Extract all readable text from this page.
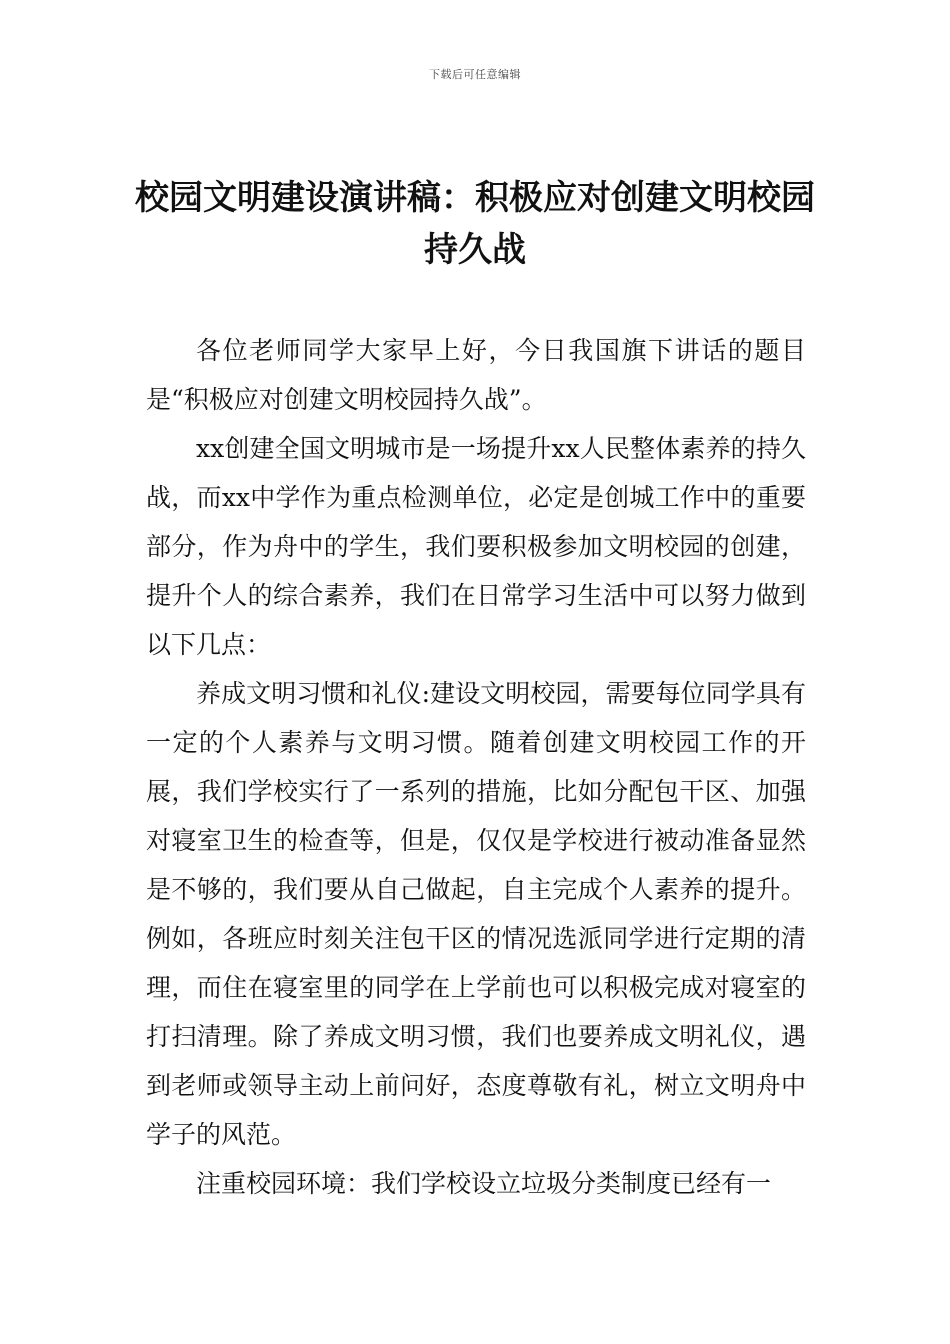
下载后可任意编辑
校园文明建设演讲稿：积极应对创建文明校园持久战

各位老师同学大家早上好，今日我国旗下讲话的题目是“积极应对创建文明校园持久战”。

xx创建全国文明城市是一场提升xx人民整体素养的持久战，而xx中学作为重点检测单位，必定是创城工作中的重要部分，作为舟中的学生，我们要积极参加文明校园的创建，提升个人的综合素养，我们在日常学习生活中可以努力做到以下几点：

养成文明习惯和礼仪:建设文明校园，需要每位同学具有一定的个人素养与文明习惯。随着创建文明校园工作的开展，我们学校实行了一系列的措施，比如分配包干区、加强对寝室卫生的检查等，但是，仅仅是学校进行被动准备显然是不够的，我们要从自己做起，自主完成个人素养的提升。例如，各班应时刻关注包干区的情况选派同学进行定期的清理，而住在寝室里的同学在上学前也可以积极完成对寝室的打扫清理。除了养成文明习惯，我们也要养成文明礼仪，遇到老师或领导主动上前问好，态度尊敬有礼，树立文明舟中学子的风范。

注重校园环境：我们学校设立垃圾分类制度已经有一
